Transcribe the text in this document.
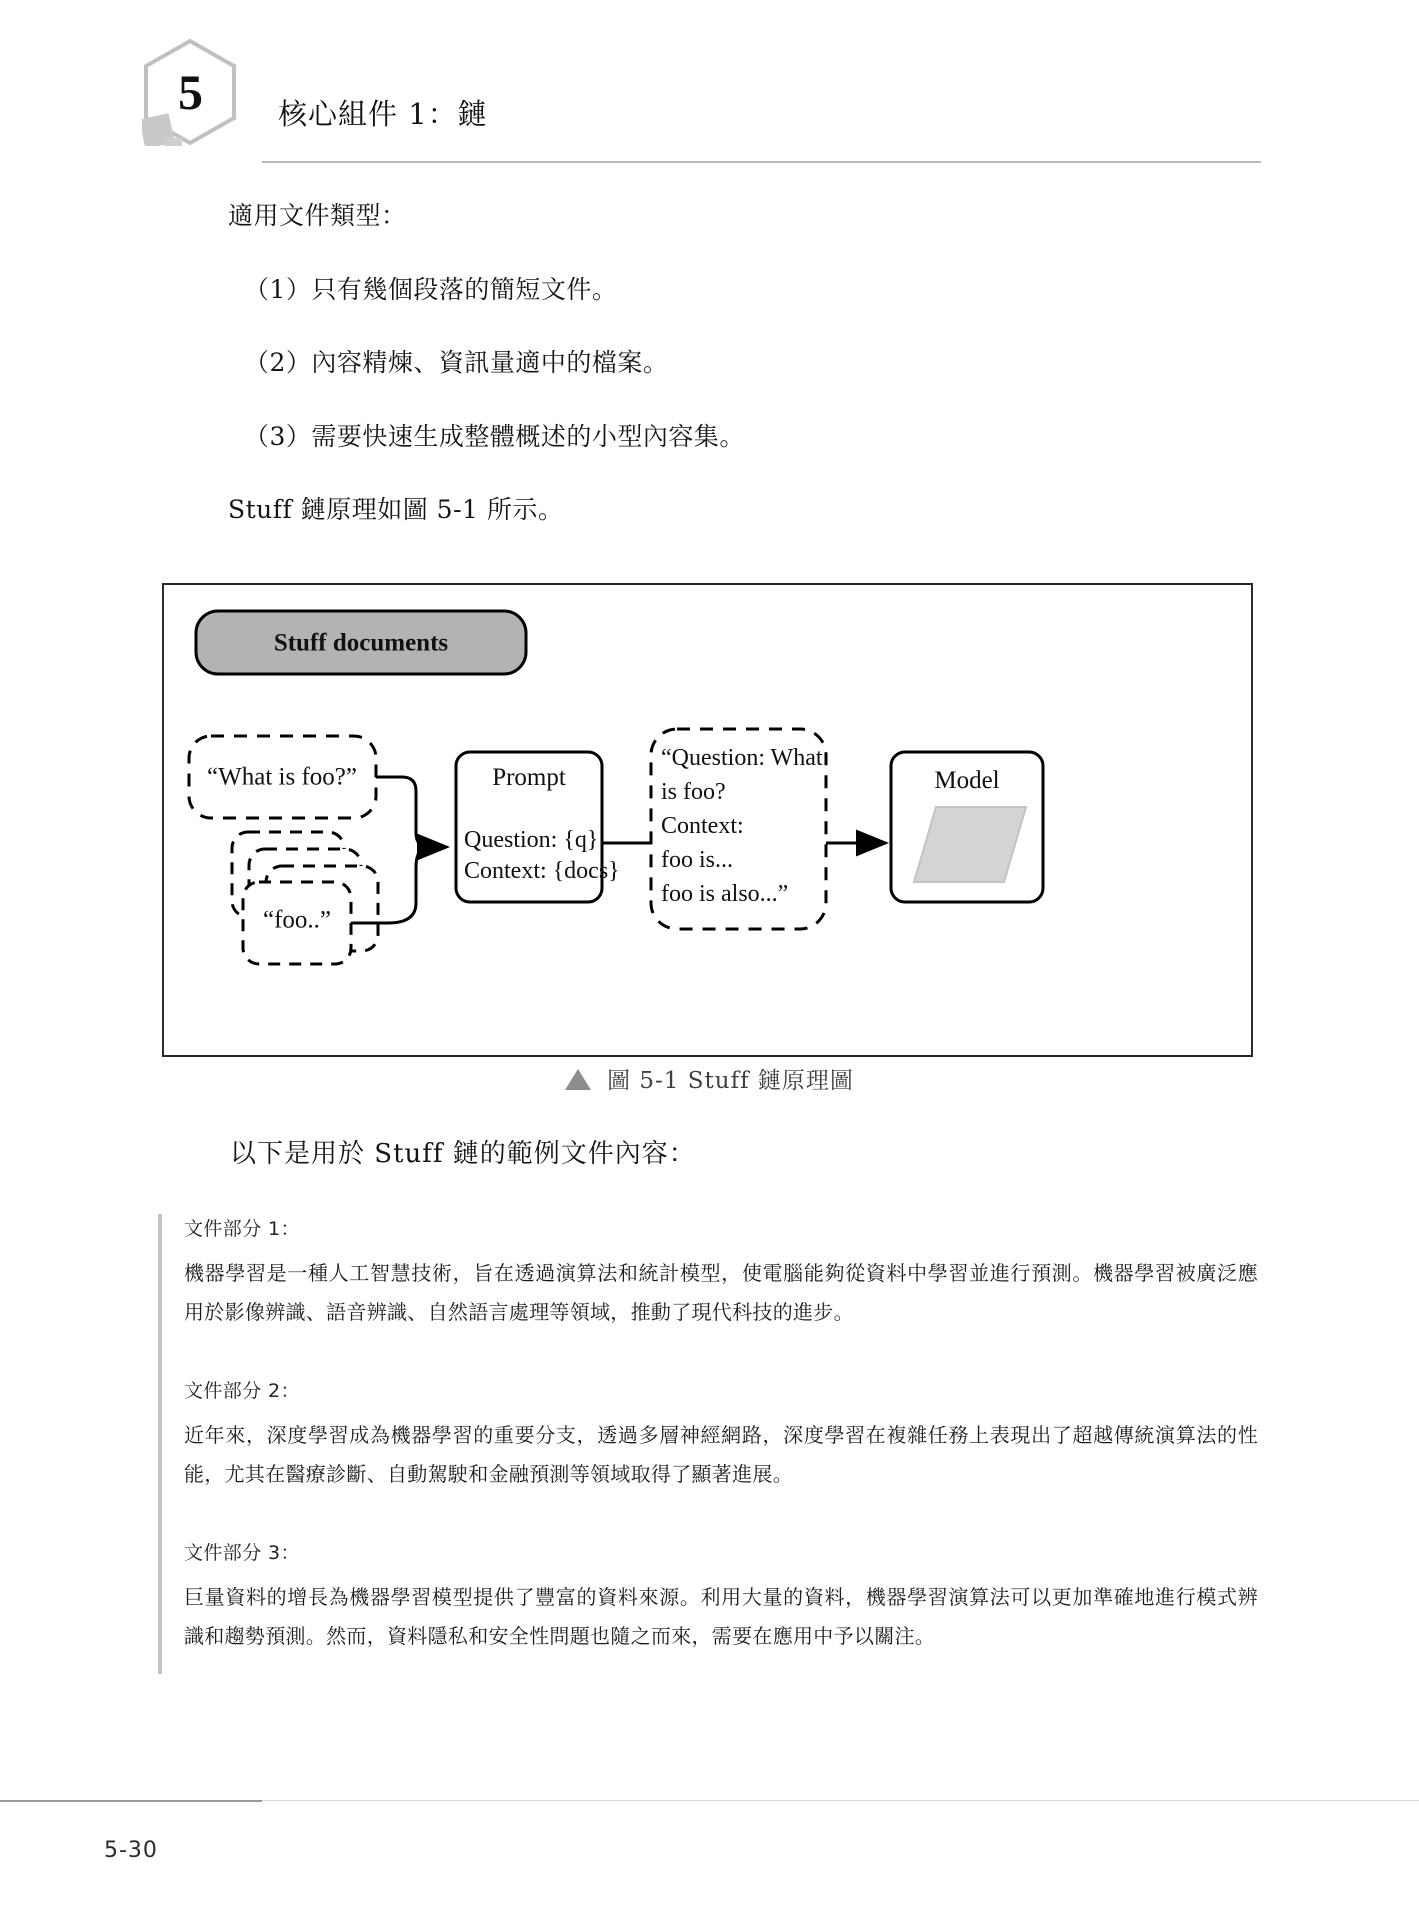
5	核心組件 1：鏈

適用文件類型：

（1）只有幾個段落的簡短文件。

（2）內容精煉、資訊量適中的檔案。

（3）需要快速生成整體概述的小型內容集。

Stuff 鏈原理如圖 5-1 所示。

Stuff documents
“What is foo?”
“foo..”
Prompt
Question: {q}
Context: {docs}
“Question: What
is foo?
Context:
foo is...
foo is also...”
Model
圖 5-1 Stuff 鏈原理圖
以下是用於 Stuff 鏈的範例文件內容：
文件部分 1：
機器學習是一種人工智慧技術，旨在透過演算法和統計模型，使電腦能夠從資料中學習並進行預測。機器學習被廣泛應用於影像辨識、語音辨識、自然語言處理等領域，推動了現代科技的進步。
文件部分 2：
近年來，深度學習成為機器學習的重要分支，透過多層神經網路，深度學習在複雜任務上表現出了超越傳統演算法的性能，尤其在醫療診斷、自動駕駛和金融預測等領域取得了顯著進展。
文件部分 3：
巨量資料的增長為機器學習模型提供了豐富的資料來源。利用大量的資料，機器學習演算法可以更加準確地進行模式辨識和趨勢預測。然而，資料隱私和安全性問題也隨之而來，需要在應用中予以關注。
5-30
